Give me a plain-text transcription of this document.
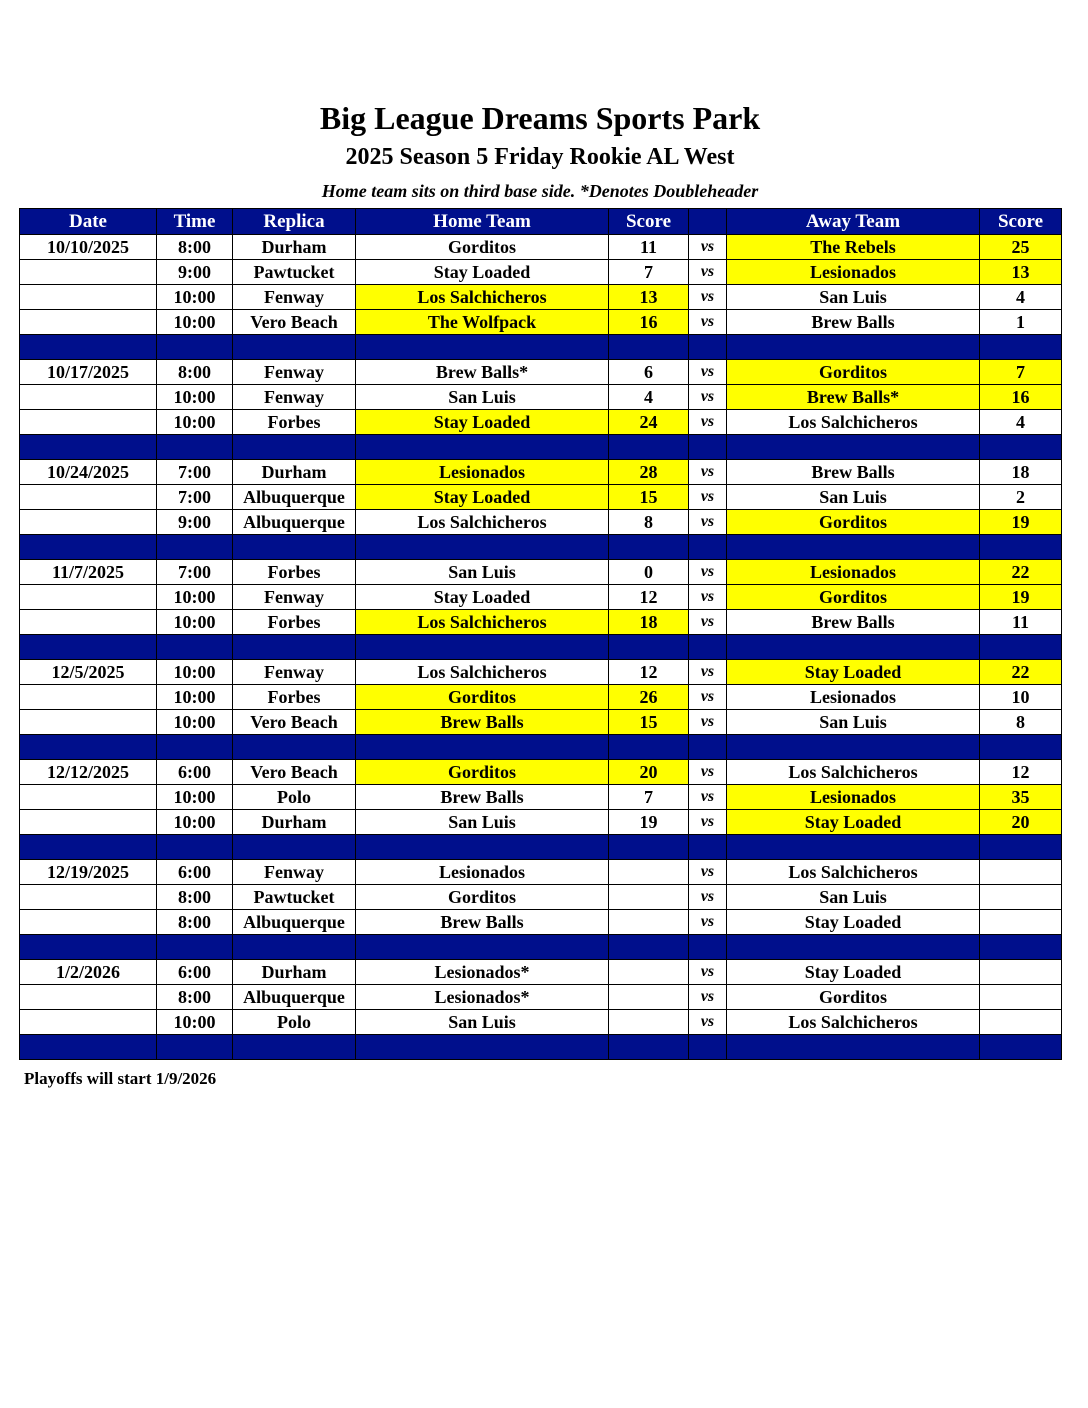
Big League Dreams Sports Park
2025 Season 5 Friday Rookie AL West
Home team sits on third base side. *Denotes Doubleheader
Date	Time	Replica	Home Team	Score		Away Team	Score
10/10/2025	8:00	Durham	Gorditos	11	vs	The Rebels	25
	9:00	Pawtucket	Stay Loaded	7	vs	Lesionados	13
	10:00	Fenway	Los Salchicheros	13	vs	San Luis	4
	10:00	Vero Beach	The Wolfpack	16	vs	Brew Balls	1

10/17/2025	8:00	Fenway	Brew Balls*	6	vs	Gorditos	7
	10:00	Fenway	San Luis	4	vs	Brew Balls*	16
	10:00	Forbes	Stay Loaded	24	vs	Los Salchicheros	4

10/24/2025	7:00	Durham	Lesionados	28	vs	Brew Balls	18
	7:00	Albuquerque	Stay Loaded	15	vs	San Luis	2
	9:00	Albuquerque	Los Salchicheros	8	vs	Gorditos	19

11/7/2025	7:00	Forbes	San Luis	0	vs	Lesionados	22
	10:00	Fenway	Stay Loaded	12	vs	Gorditos	19
	10:00	Forbes	Los Salchicheros	18	vs	Brew Balls	11

12/5/2025	10:00	Fenway	Los Salchicheros	12	vs	Stay Loaded	22
	10:00	Forbes	Gorditos	26	vs	Lesionados	10
	10:00	Vero Beach	Brew Balls	15	vs	San Luis	8

12/12/2025	6:00	Vero Beach	Gorditos	20	vs	Los Salchicheros	12
	10:00	Polo	Brew Balls	7	vs	Lesionados	35
	10:00	Durham	San Luis	19	vs	Stay Loaded	20

12/19/2025	6:00	Fenway	Lesionados		vs	Los Salchicheros	
	8:00	Pawtucket	Gorditos		vs	San Luis	
	8:00	Albuquerque	Brew Balls		vs	Stay Loaded	

1/2/2026	6:00	Durham	Lesionados*		vs	Stay Loaded	
	8:00	Albuquerque	Lesionados*		vs	Gorditos	
	10:00	Polo	San Luis		vs	Los Salchicheros	

Playoffs will start 1/9/2026
